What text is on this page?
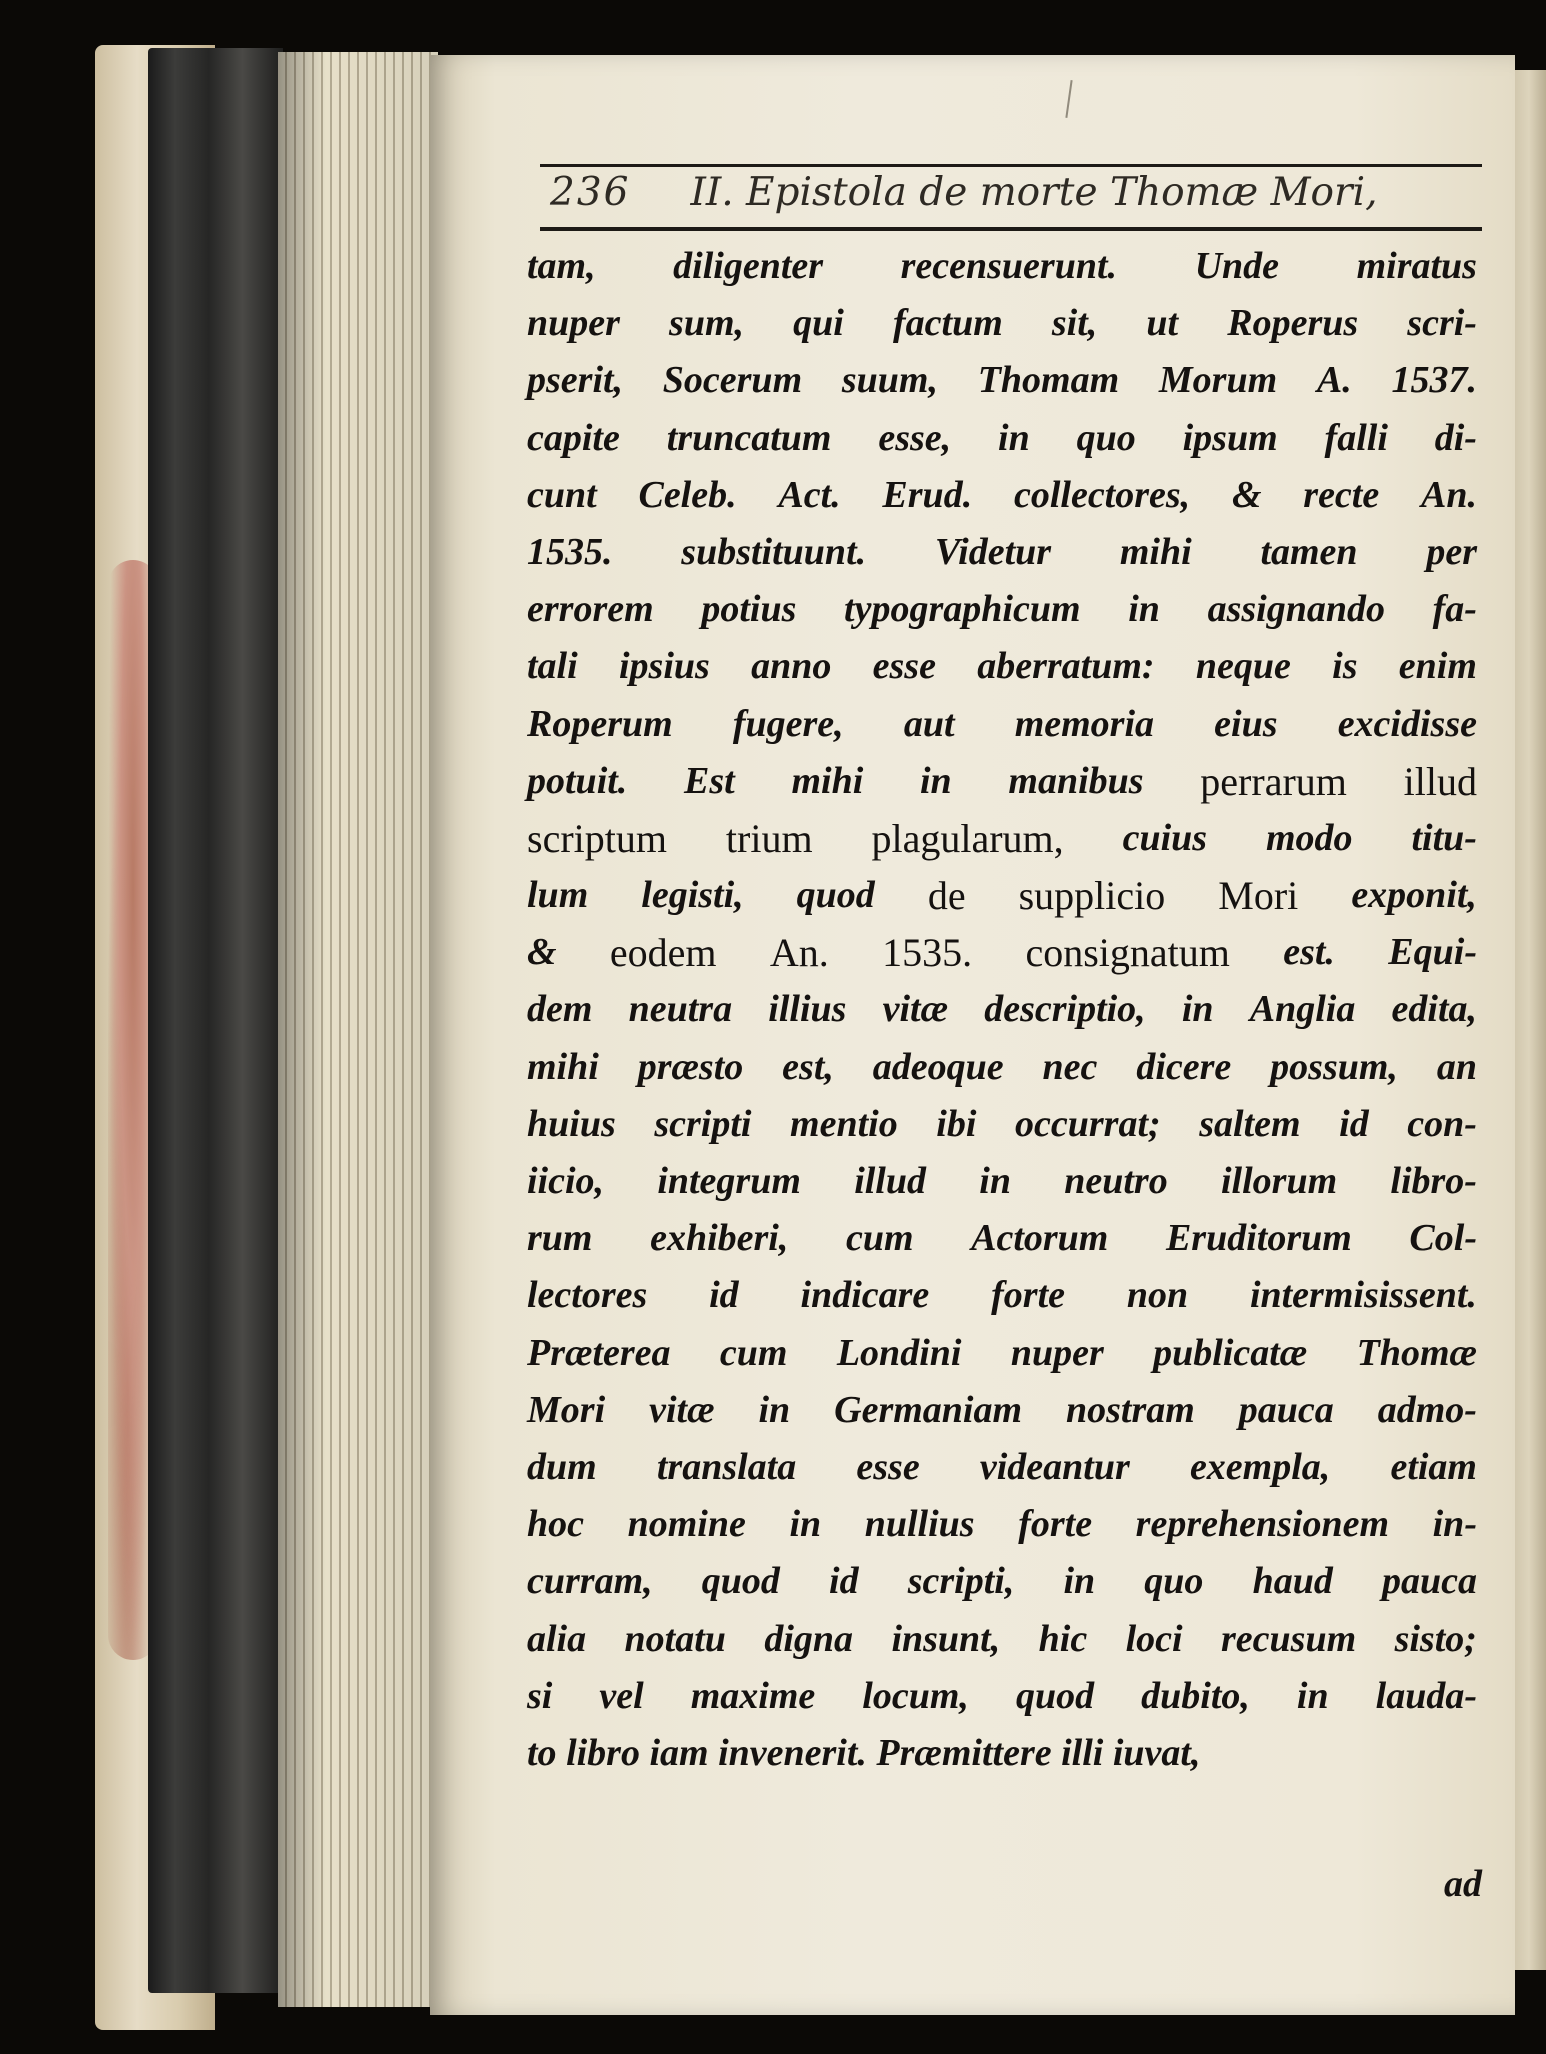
236 II. Epistola de morte Thomæ Mori,
tam, diligenter recensuerunt. Unde miratus
nuper sum, qui factum sit, ut Roperus scri-
pserit, Socerum suum, Thomam Morum A. 1537.
capite truncatum esse, in quo ipsum falli di-
cunt Celeb. Act. Erud. collectores, & recte An.
1535. substituunt. Videtur mihi tamen per
errorem potius typographicum in assignando fa-
tali ipsius anno esse aberratum: neque is enim
Roperum fugere, aut memoria eius excidisse
potuit. Est mihi in manibus perrarum illud
scriptum trium plagularum, cuius modo titu-
lum legisti, quod de supplicio Mori exponit,
& eodem An. 1535. consignatum est. Equi-
dem neutra illius vitæ descriptio, in Anglia edita,
mihi præsto est, adeoque nec dicere possum, an
huius scripti mentio ibi occurrat; saltem id con-
iicio, integrum illud in neutro illorum libro-
rum exhiberi, cum Actorum Eruditorum Col-
lectores id indicare forte non intermisissent.
Præterea cum Londini nuper publicatæ Thomæ
Mori vitæ in Germaniam nostram pauca admo-
dum translata esse videantur exempla, etiam
hoc nomine in nullius forte reprehensionem in-
curram, quod id scripti, in quo haud pauca
alia notatu digna insunt, hic loci recusum sisto;
si vel maxime locum, quod dubito, in lauda-
to libro iam invenerit. Præmittere illi iuvat,
ad
